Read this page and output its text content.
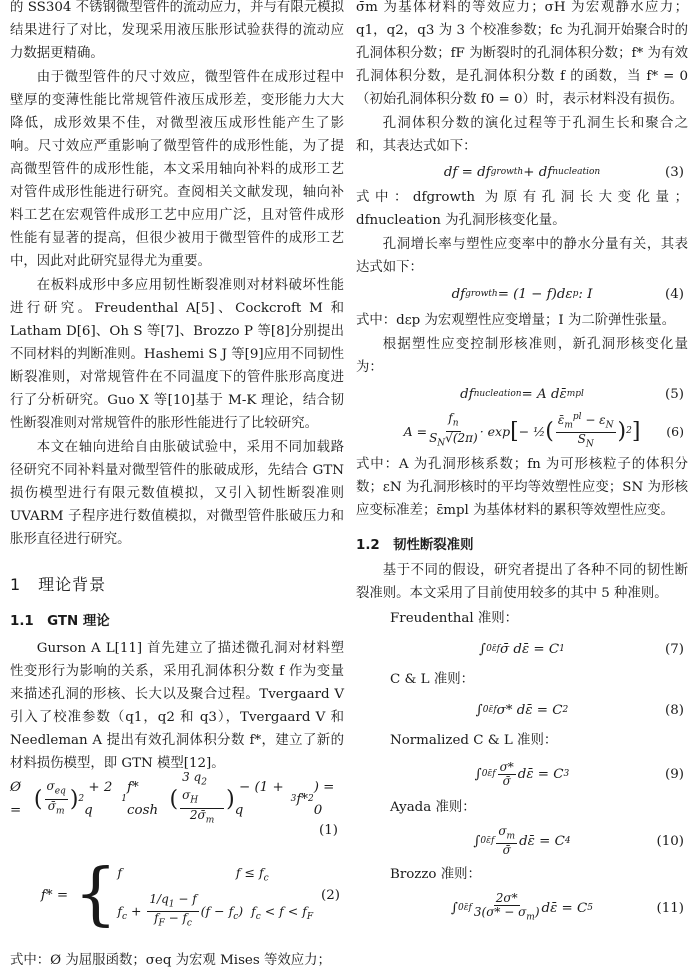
的 SS304 不锈钢微型管件的流动应力，并与有限元模拟结果进行了对比，发现采用液压胀形试验获得的流动应力数据更精确。

由于微型管件的尺寸效应，微型管件在成形过程中壁厚的变薄性能比常规管件液压成形差，变形能力大大降低，成形效果不佳，对微型液压成形性能产生了影响。尺寸效应严重影响了微型管件的成形性能，为了提高微型管件的成形性能，本文采用轴向补料的成形工艺对管件成形性能进行研究。查阅相关文献发现，轴向补料工艺在宏观管件成形工艺中应用广泛，且对管件成形性能有显著的提高，但很少被用于微型管件的成形工艺中，因此对此研究显得尤为重要。

在板料成形中多应用韧性断裂准则对材料破坏性能进行研究。Freudenthal A[5]、Cockcroft M 和 Latham D[6]、Oh S 等[7]、Brozzo P 等[8]分别提出不同材料的判断准则。Hashemi S J 等[9]应用不同韧性断裂准则，对常规管件在不同温度下的管件胀形高度进行了分析研究。Guo X 等[10]基于 M-K 理论，结合韧性断裂准则对常规管件的胀形性能进行了比较研究。

本文在轴向进给自由胀破试验中，采用不同加载路径研究不同补料量对微型管件的胀破成形，先结合 GTN 损伤模型进行有限元数值模拟，又引入韧性断裂准则 UVARM 子程序进行数值模拟，对微型管件胀破压力和胀形直径进行研究。

1　理论背景
1.1　GTN 理论

Gurson A L[11] 首先建立了描述微孔洞对材料塑性变形行为影响的关系，采用孔洞体积分数 f 作为变量来描述孔洞的形核、长大以及聚合过程。Tvergaard V 引入了校准参数（q1，q2 和 q3），Tvergaard V 和 Needleman A 提出有效孔洞体积分数 f*，建立了新的材料损伤模型，即 GTN 模型[12]。

Ø = ( $\frac{\sigma_{eq}}{\sigmā_m}$ ) 2
+ 2 q
1
f* cosh ( $\frac{3 q_2 \sigma_H}{2\sigmā_m}$ ) − (1 + q
3 f* 2
) = 0
(1)
f* = { f	$f \le f_c$
$f_c + \frac{1/q_1 - f}{f_F - f_c} (f - f_c) f_c < f < f_F$
(2)

式中：Ø 为屈服函数；σeq 为宏观 Mises 等效应力；

σ̄m 为基体材料的等效应力；σH 为宏观静水应力；q1，q2，q3 为 3 个校准参数；fc 为孔洞开始聚合时的孔洞体积分数；fF 为断裂时的孔洞体积分数；f* 为有效孔洞体积分数，是孔洞体积分数 f 的函数，当 f* = 0（初始孔洞体积分数 f0 = 0）时，表示材料没有损伤。

孔洞体积分数的演化过程等于孔洞生长和聚合之和，其表达式如下：

df = df growth + df nucleation	(3)

式中：dfgrowth 为原有孔洞长大变化量；dfnucleation 为孔洞形核变化量。

孔洞增长率与塑性应变率中的静水分量有关，其表达式如下：

df growth = (1 − f)dε p : I	(4)

式中：dεp 为宏观塑性应变增量；I 为二阶弹性张量。

根据塑性应变控制形核准则，新孔洞形核变化量为：

df nucleation = A dε̄ m pl	(5)
$A = \frac{f_n}{S_N√(2\pi)} \cdot \exp$ [ − ½ ( $\frac{\varepsilon̄_m^{pl} - \varepsilon_N}{S_N}$ ) 2 ] (6)

式中：A 为孔洞形核系数；fn 为可形核粒子的体积分数；εN 为孔洞形核时的平均等效塑性应变；SN 为形核应变标准差；ε̄mpl 为基体材料的累积等效塑性应变。

1.2　韧性断裂准则

基于不同的假设，研究者提出了各种不同的韧性断裂准则。本文采用了目前使用较多的其中 5 种准则。

Freudenthal 准则：

∫ 0 ε̄f σ̄ dε̄ = C 1	(7)

C & L 准则：

∫ 0 ε̄f σ* dε̄ = C 2	(8)

Normalized C & L 准则：

∫ 0 ε̄f $\frac{\sigma*}{\sigmā}$ dε̄ = C 3	(9)

Ayada 准则：

∫ 0 ε̄f $\frac{\sigma_m}{\sigmā}$ dε̄ = C 4	(10)

Brozzo 准则：

∫ 0 ε̄f $\frac{2\sigma*}{3(\sigma* - \sigma_m)}$ dε̄ = C 5	(11)
